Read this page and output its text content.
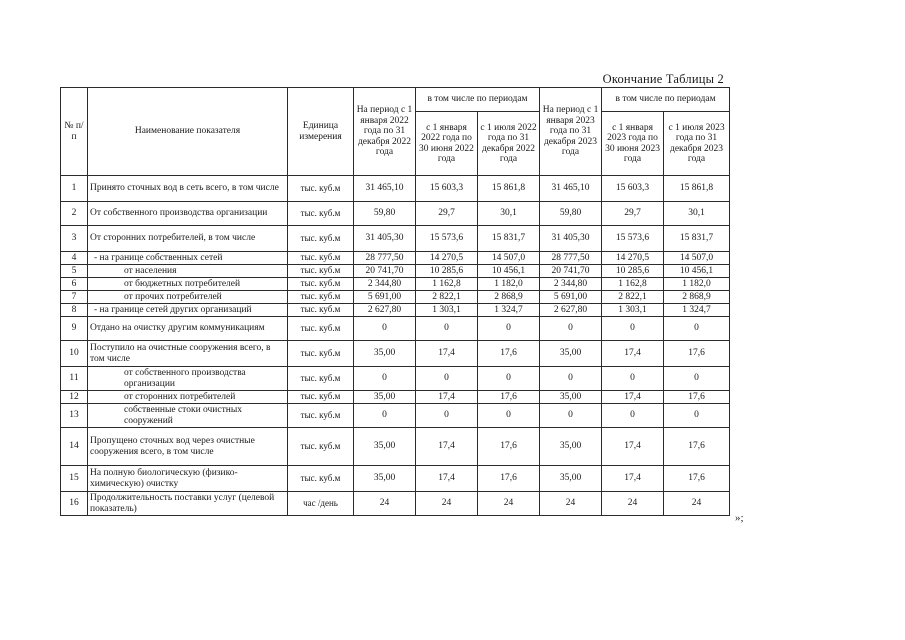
Окончание Таблицы 2
№ п/п	Наименование показателя	Единица измерения	На период с 1 января 2022 года по 31 декабря 2022 года	в том числе по периодам		На период с 1 января 2023 года по 31 декабря 2023 года	в том числе по периодам	
				с 1 января 2022 года по 30 июня 2022 года	с 1 июля 2022 года по 31 декабря 2022 года		с 1 января 2023 года по 30 июня 2023 года	с 1 июля 2023 года по 31 декабря 2023 года
1	Принято сточных вод в сеть всего, в том числе	тыс. куб.м	31 465,10	15 603,3	15 861,8	31 465,10	15 603,3	15 861,8
2	От собственного производства организации	тыс. куб.м	59,80	29,7	30,1	59,80	29,7	30,1
3	От сторонних потребителей, в том числе	тыс. куб.м	31 405,30	15 573,6	15 831,7	31 405,30	15 573,6	15 831,7
4	- на границе собственных сетей	тыс. куб.м	28 777,50	14 270,5	14 507,0	28 777,50	14 270,5	14 507,0
5	от населения	тыс. куб.м	20 741,70	10 285,6	10 456,1	20 741,70	10 285,6	10 456,1
6	от бюджетных потребителей	тыс. куб.м	2 344,80	1 162,8	1 182,0	2 344,80	1 162,8	1 182,0
7	от прочих потребителей	тыс. куб.м	5 691,00	2 822,1	2 868,9	5 691,00	2 822,1	2 868,9
8	- на границе сетей других организаций	тыс. куб.м	2 627,80	1 303,1	1 324,7	2 627,80	1 303,1	1 324,7
9	Отдано на очистку другим коммуникациям	тыс. куб.м	0	0	0	0	0	0
10	Поступило на очистные сооружения всего, в том числе	тыс. куб.м	35,00	17,4	17,6	35,00	17,4	17,6
11	от собственного производства организации	тыс. куб.м	0	0	0	0	0	0
12	от сторонних потребителей	тыс. куб.м	35,00	17,4	17,6	35,00	17,4	17,6
13	собственные стоки очистных сооружений	тыс. куб.м	0	0	0	0	0	0
14	Пропущено сточных вод через очистные сооружения всего, в том числе	тыс. куб.м	35,00	17,4	17,6	35,00	17,4	17,6
15	На полную биологическую (физико-химическую) очистку	тыс. куб.м	35,00	17,4	17,6	35,00	17,4	17,6
16	Продолжительность поставки услуг (целевой показатель)	час /день	24	24	24	24	24	24
»;
